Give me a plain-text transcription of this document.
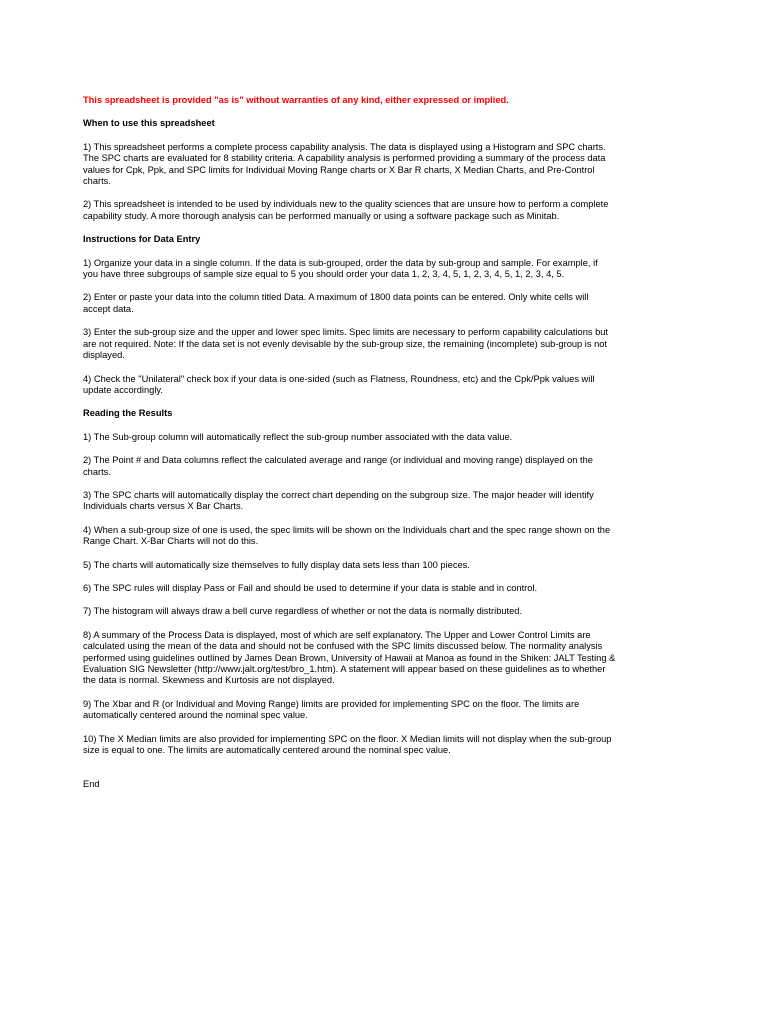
This spreadsheet is provided "as is" without warranties of any kind, either expressed or implied.

When to use this spreadsheet

1) This spreadsheet performs a complete process capability analysis. The data is displayed using a Histogram and SPC charts.
The SPC charts are evaluated for 8 stability criteria. A capability analysis is performed providing a summary of the process data
values for Cpk, Ppk, and SPC limits for Individual Moving Range charts or X Bar R charts, X Median Charts, and Pre-Control
charts.

2) This spreadsheet is intended to be used by individuals new to the quality sciences that are unsure how to perform a complete
capability study. A more thorough analysis can be performed manually or using a software package such as Minitab.

Instructions for Data Entry

1) Organize your data in a single column. If the data is sub-grouped, order the data by sub-group and sample. For example, if
you have three subgroups of sample size equal to 5 you should order your data 1, 2, 3, 4, 5, 1, 2, 3, 4, 5, 1, 2, 3, 4, 5.

2) Enter or paste your data into the column titled Data. A maximum of 1800 data points can be entered. Only white cells will
accept data.

3) Enter the sub-group size and the upper and lower spec limits. Spec limits are necessary to perform capability calculations but
are not required. Note: If the data set is not evenly devisable by the sub-group size, the remaining (incomplete) sub-group is not
displayed.

4) Check the "Unilateral" check box if your data is one-sided (such as Flatness, Roundness, etc) and the Cpk/Ppk values will
update accordingly.

Reading the Results

1) The Sub-group column will automatically reflect the sub-group number associated with the data value.

2) The Point # and Data columns reflect the calculated average and range (or individual and moving range) displayed on the
charts.

3) The SPC charts will automatically display the correct chart depending on the subgroup size. The major header will identify
Individuals charts versus X Bar Charts.

4) When a sub-group size of one is used, the spec limits will be shown on the Individuals chart and the spec range shown on the
Range Chart. X-Bar Charts will not do this.

5) The charts will automatically size themselves to fully display data sets less than 100 pieces.

6) The SPC rules will display Pass or Fail and should be used to determine if your data is stable and in control.

7) The histogram will always draw a bell curve regardless of whether or not the data is normally distributed.

8) A summary of the Process Data is displayed, most of which are self explanatory. The Upper and Lower Control Limits are
calculated using the mean of the data and should not be confused with the SPC limits discussed below. The normality analysis
performed using guidelines outlined by James Dean Brown, University of Hawaii at Manoa as found in the Shiken: JALT Testing &
Evaluation SIG Newsletter (http://www.jalt.org/test/bro_1.htm). A statement will appear based on these guidelines as to whether
the data is normal. Skewness and Kurtosis are not displayed.

9) The Xbar and R (or Individual and Moving Range) limits are provided for implementing SPC on the floor. The limits are
automatically centered around the nominal spec value.

10) The X Median limits are also provided for implementing SPC on the floor. X Median limits will not display when the sub-group
size is equal to one. The limits are automatically centered around the nominal spec value.

End
